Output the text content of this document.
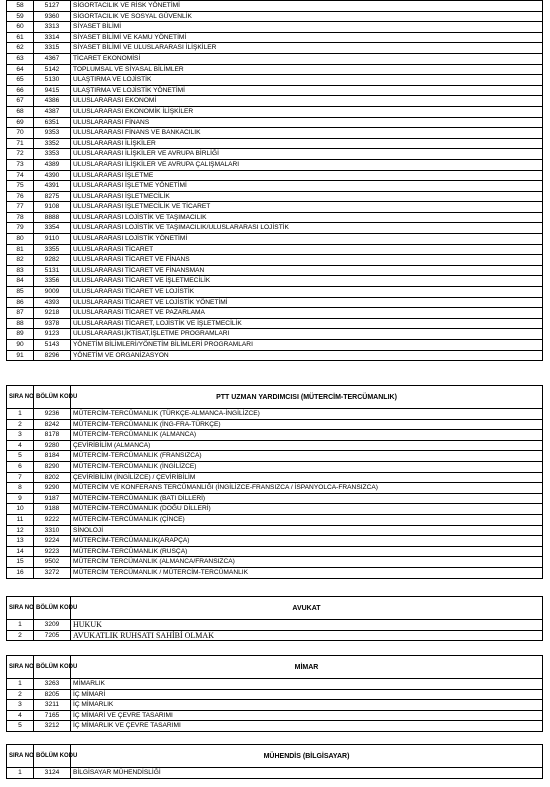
58	5127	SİGORTACILIK VE RİSK YÖNETİMİ
59	9360	SİGORTACILIK VE SOSYAL GÜVENLİK
60	3313	SİYASET BİLİMİ
61	3314	SİYASET BİLİMİ VE KAMU YÖNETİMİ
62	3315	SİYASET BİLİMİ VE ULUSLARARASI İLİŞKİLER
63	4367	TİCARET EKONOMİSİ
64	5142	TOPLUMSAL VE SİYASAL BİLİMLER
65	5130	ULAŞTIRMA VE LOJİSTİK
66	9415	ULAŞTIRMA VE LOJİSTİK YÖNETİMİ
67	4386	ULUSLARARASI EKONOMİ
68	4387	ULUSLARARASI EKONOMİK İLİŞKİLER
69	6351	ULUSLARARASI FİNANS
70	9353	ULUSLARARASI FİNANS VE BANKACILIK
71	3352	ULUSLARARASI İLİŞKİLER
72	3353	ULUSLARARASI İLİŞKİLER VE AVRUPA BİRLİĞİ
73	4389	ULUSLARARASI İLİŞKİLER VE AVRUPA ÇALIŞMALARI
74	4390	ULUSLARARASI İŞLETME
75	4391	ULUSLARARASI İŞLETME YÖNETİMİ
76	8275	ULUSLARARASI İŞLETMECİLİK
77	9108	ULUSLARARASI İŞLETMECİLİK VE TİCARET
78	8888	ULUSLARARASI LOJİSTİK VE TAŞIMACILIK
79	3354	ULUSLARARASI LOJİSTİK VE TAŞIMACILIK/ULUSLARARASI LOJİSTİK
80	9110	ULUSLARARASI LOJİSTİK YÖNETİMİ
81	3355	ULUSLARARASI TİCARET
82	9282	ULUSLARARASI TİCARET VE FİNANS
83	5131	ULUSLARARASI TİCARET VE FİNANSMAN
84	3356	ULUSLARARASI TİCARET VE İŞLETMECİLİK
85	9009	ULUSLARARASI TİCARET VE LOJİSTİK
86	4393	ULUSLARARASI TİCARET VE LOJİSTİK YÖNETİMİ
87	9218	ULUSLARARASI TİCARET VE PAZARLAMA
88	9378	ULUSLARARASI TİCARET, LOJİSTİK VE İŞLETMECİLİK
89	9123	ULUSLARARASI,İKTİSAT,İŞLETME PROGRAMLARI
90	5143	YÖNETİM BİLİMLERİ/YÖNETİM BİLİMLERİ PROGRAMLARI
91	8296	YÖNETİM VE ORGANİZASYON
SIRA NO	BÖLÜM KODU	PTT UZMAN YARDIMCISI (MÜTERCİM-TERCÜMANLIK)
1	9236	MÜTERCİM-TERCÜMANLIK (TÜRKÇE-ALMANCA-İNGİLİZCE)
2	8242	MÜTERCİM-TERCÜMANLIK (İNG-FRA-TÜRKÇE)
3	8178	MÜTERCİM-TERCÜMANLIK (ALMANCA)
4	9280	ÇEVİRİBİLİM (ALMANCA)
5	8184	MÜTERCİM-TERCÜMANLIK (FRANSIZCA)
6	8290	MÜTERCİM-TERCÜMANLIK (İNGİLİZCE)
7	8202	ÇEVİRİBİLİM (İNGİLİZCE) / ÇEVİRİBİLİM
8	9290	MÜTERCİM VE KONFERANS TERCÜMANLIĞI (İNGİLİZCE-FRANSIZCA / İSPANYOLCA-FRANSIZCA)
9	9187	MÜTERCİM-TERCÜMANLIK (BATI DİLLERİ)
10	9188	MÜTERCİM-TERCÜMANLIK (DOĞU DİLLERİ)
11	9222	MÜTERCİM-TERCÜMANLIK (ÇİNCE)
12	3310	SİNOLOJİ
13	9224	MÜTERCİM-TERCÜMANLIK(ARAPÇA)
14	9223	MÜTERCİM-TERCÜMANLIK (RUSÇA)
15	9502	MÜTERCİM TERCÜMANLIK (ALMANCA/FRANSIZCA)
16	3272	MÜTERCİM TERCÜMANLIK / MÜTERCİM-TERCÜMANLIK
SIRA NO	BÖLÜM KODU	AVUKAT
1	3209	HUKUK
2	7205	AVUKATLIK RUHSATI SAHİBİ OLMAK
SIRA NO	BÖLÜM KODU	MİMAR
1	3263	MİMARLIK
2	8205	İÇ MİMARİ
3	3211	İÇ MİMARLIK
4	7165	İÇ MİMARİ VE ÇEVRE TASARIMI
5	3212	İÇ MİMARLIK VE ÇEVRE TASARIMI
SIRA NO	BÖLÜM KODU	MÜHENDİS (BİLGİSAYAR)
1	3124	BİLGİSAYAR MÜHENDİSLİĞİ
